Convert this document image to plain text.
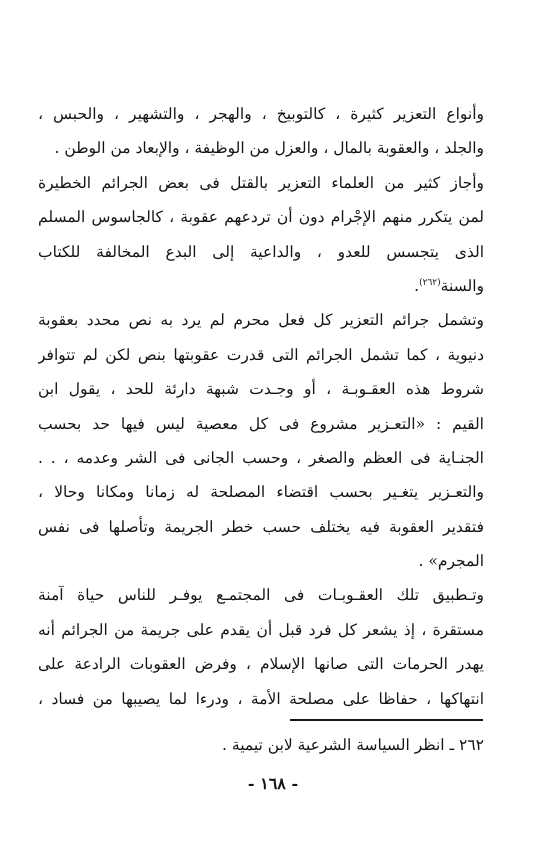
وأنواع التعزير كثيرة ، كالتوبيخ ، والهجر ، والتشهير ، والحبس ،
والجلد ، والعقوبة بالمال ، والعزل من الوظيفة ، والإبعاد من الوطن .
وأجاز كثير من العلماء التعزير بالقتل فى بعض الجرائم الخطيرة
لمن يتكرر منهم الإجْرام دون أن تردعهم عقوبة ، كالجاسوس المسلم
الذى يتجسس للعدو ، والداعية إلى البدع المخالفة للكتاب
والسنة$^{(٢٦٢)}$.
وتشمل جرائم التعزير كل فعل محرم لم يرد به نص محدد بعقوبة
دنيوية ، كما تشمل الجرائم التى قدرت عقوبتها بنص لكن لم تتوافر
شروط هذه العقـوبـة ، أو وجـدت شبهة دارئة للحد ، يقول ابن
القيم : «التعـزير مشروع فى كل معصية ليس فيها حد بحسب
الجنـاية فى العظم والصغر ، وحسب الجانى فى الشر وعدمه ، . .
والتعـزير يتغـير بحسب اقتضاء المصلحة له زمانا ومكانا وحالا ،
فتقدير العقوبة فيه يختلف حسب خطر الجريمة وتأصلها فى نفس
المجرم» .
وتـطبيق تلك العقـوبـات فى المجتمـع يوفـر للناس حياة آمنة
مستقرة ، إذ يشعر كل فرد قبل أن يقدم على جريمة من الجرائم أنه
يهدر الحرمات التى صانها الإسلام ، وفرض العقوبات الرادعة على
انتهاكها ، حفاظا على مصلحة الأمة ، ودرءا لما يصيبها من فساد ،
٢٦٢ ـ انظر السياسة الشرعية لابن تيمية .
- ١٦٨ -
